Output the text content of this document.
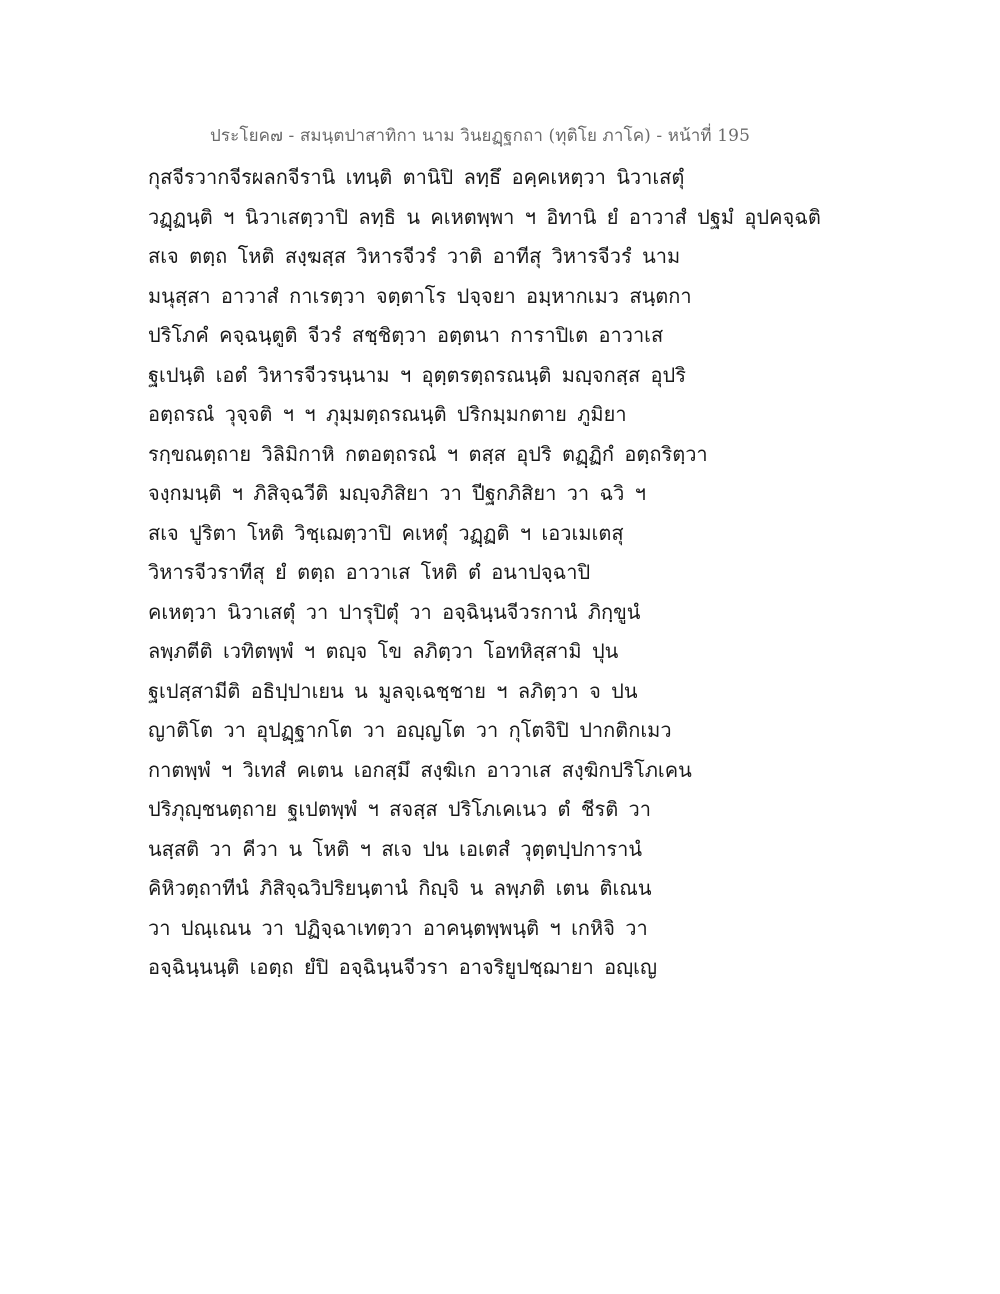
ประโยค๗ - สมนฺตปาสาทิกา นาม วินยฏฺฐกถา (ทุติโย ภาโค) - หน้าที่ 195
กุสจีรวากจีรผลกจีรานิ เทนฺติ ตานิปิ ลทฺธึ อคฺคเหตฺวา นิวาเสตุํ
วฏฺฏนฺติ ฯ นิวาเสตฺวาปิ ลทฺธิ น คเหตพฺพา ฯ อิทานิ ยํ อาวาสํ ปฐมํ อุปคจฺฉติ
สเจ ตตฺถ โหติ สงฺฆสฺส วิหารจีวรํ วาติ อาทีสุ วิหารจีวรํ นาม
มนุสฺสา อาวาสํ กาเรตฺวา จตฺตาโร ปจฺจยา อมฺหากเมว สนฺตกา
ปริโภคํ คจฺฉนฺตูติ จีวรํ สชฺชิตฺวา อตฺตนา การาปิเต อาวาเส
ฐเปนฺติ เอตํ วิหารจีวรนฺนาม ฯ อุตฺตรตฺถรณนฺติ มญฺจกสฺส อุปริ
อตฺถรณํ วุจฺจติ ฯ ฯ ภุมฺมตฺถรณนฺติ ปริกมฺมกตาย ภูมิยา
รกฺขณตฺถาย วิลิมิกาหิ กตอตฺถรณํ ฯ ตสฺส อุปริ ตฏฺฏิกํ อตฺถริตฺวา
จงฺกมนฺติ ฯ ภิสิจฺฉวีติ มญฺจภิสิยา วา ปีฐกภิสิยา วา ฉวิ ฯ
สเจ ปูริตา โหติ วิชฺเฌตฺวาปิ คเหตุํ วฏฺฏติ ฯ เอวเมเตสุ
วิหารจีวราทีสุ ยํ ตตฺถ อาวาเส โหติ ตํ อนาปจฺฉาปิ
คเหตฺวา นิวาเสตุํ วา ปารุปิตุํ วา อจฺฉินฺนจีวรกานํ ภิกฺขูนํ
ลพฺภตีติ เวทิตพฺพํ ฯ ตญฺจ โข ลภิตฺวา โอทหิสฺสามิ ปุน
ฐเปสฺสามีติ อธิปฺปาเยน น มูลจฺเฉชฺชาย ฯ ลภิตฺวา จ ปน
ญาติโต วา อุปฏฺฐากโต วา อญฺญโต วา กุโตจิปิ ปากติกเมว
กาตพฺพํ ฯ วิเทสํ คเตน เอกสฺมึ สงฺฆิเก อาวาเส สงฺฆิกปริโภเคน
ปริภุญฺชนตฺถาย ฐเปตพฺพํ ฯ สจสฺส ปริโภเคเนว ตํ ชีรติ วา
นสฺสติ วา คีวา น โหติ ฯ สเจ ปน เอเตสํ วุตฺตปฺปการานํ
คิหิวตฺถาทีนํ ภิสิจฺฉวิปริยนฺตานํ กิญฺจิ น ลพฺภติ เตน ติเณน
วา ปณฺเณน วา ปฏิจฺฉาเทตฺวา อาคนฺตพฺพนฺติ ฯ เกหิจิ วา
อจฺฉินฺนนฺติ เอตฺถ ยํปิ อจฺฉินฺนจีวรา อาจริยูปชฺฌายา อญฺเญ
